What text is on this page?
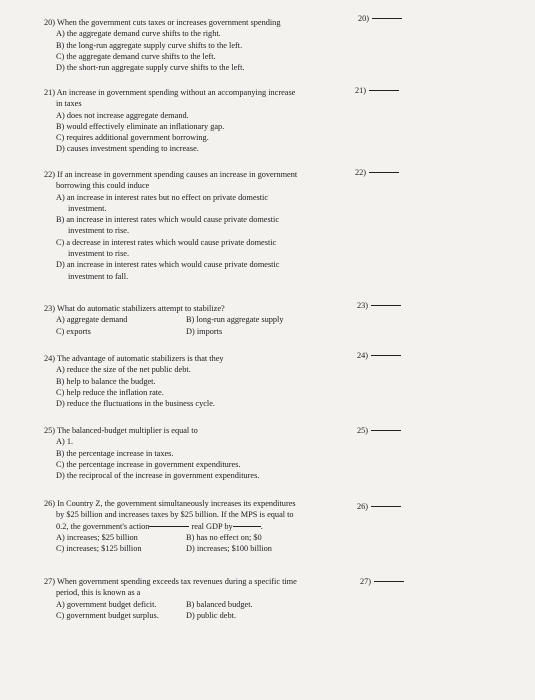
20) When the government cuts taxes or increases government spending
A) the aggregate demand curve shifts to the right.
B) the long-run aggregate supply curve shifts to the left.
C) the aggregate demand curve shifts to the left.
D) the short-run aggregate supply curve shifts to the left.
20)
21) An increase in government spending without an accompanying increase
in taxes
A) does not increase aggregate demand.
B) would effectively eliminate an inflationary gap.
C) requires additional government borrowing.
D) causes investment spending to increase.
21)
22) If an increase in government spending causes an increase in government
borrowing this could induce
A) an increase in interest rates but no effect on private domestic
investment.
B) an increase in interest rates which would cause private domestic
investment to rise.
C) a decrease in interest rates which would cause private domestic
investment to rise.
D) an increase in interest rates which would cause private domestic
investment to fall.
22)
23) What do automatic stabilizers attempt to stabilize?
A) aggregate demand	B) long-run aggregate supply
C) exports	D) imports
23)
24) The advantage of automatic stabilizers is that they
A) reduce the size of the net public debt.
B) help to balance the budget.
C) help reduce the inflation rate.
D) reduce the fluctuations in the business cycle.
24)
25) The balanced-budget multiplier is equal to
A) 1.
B) the percentage increase in taxes.
C) the percentage increase in government expenditures.
D) the reciprocal of the increase in government expenditures.
25)
26) In Country Z, the government simultaneously increases its expenditures
by $25 billion and increases taxes by $25 billion. If the MPS is equal to
0.2, the government's action	real GDP by	.
A) increases; $25 billion	B) has no effect on; $0
C) increases; $125 billion	D) increases; $100 billion
26)
27) When government spending exceeds tax revenues during a specific time
period, this is known as a
A) government budget deficit.	B) balanced budget.
C) government budget surplus.	D) public debt.
27)
